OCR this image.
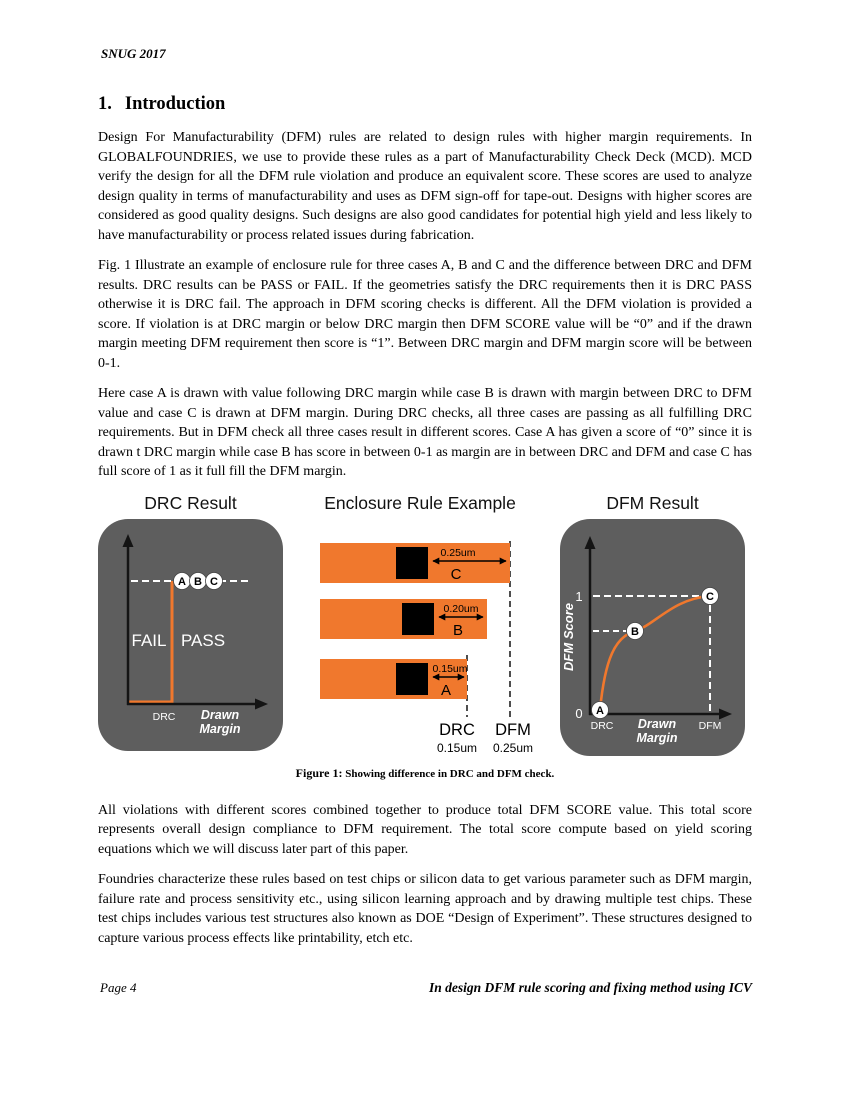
SNUG 2017
1. Introduction

Design For Manufacturability (DFM) rules are related to design rules with higher margin requirements. In GLOBALFOUNDRIES, we use to provide these rules as a part of Manufacturability Check Deck (MCD). MCD verify the design for all the DFM rule violation and produce an equivalent score. These scores are used to analyze design quality in terms of manufacturability and uses as DFM sign-off for tape-out. Designs with higher scores are considered as good quality designs. Such designs are also good candidates for potential high yield and less likely to have manufacturability or process related issues during fabrication.

Fig. 1 Illustrate an example of enclosure rule for three cases A, B and C and the difference between DRC and DFM results. DRC results can be PASS or FAIL. If the geometries satisfy the DRC requirements then it is DRC PASS otherwise it is DRC fail. The approach in DFM scoring checks is different. All the DFM violation is provided a score. If violation is at DRC margin or below DRC margin then DFM SCORE value will be “0” and if the drawn margin meeting DFM requirement then score is “1”. Between DRC margin and DFM margin score will be between 0-1.

Here case A is drawn with value following DRC margin while case B is drawn with margin between DRC to DFM value and case C is drawn at DFM margin. During DRC checks, all three cases are passing as all fulfilling DRC requirements. But in DFM check all three cases result in different scores. Case A has given a score of “0” since it is drawn t DRC margin while case B has score in between 0-1 as margin are in between DRC and DFM and case C has full score of 1 as it full fill the DFM margin.

DRC Result
A B C
FAIL PASS
DRC Drawn
Margin
Enclosure Rule Example
0.25um
C
0.20um
B
0.15um
A
DRC
0.15um
DFM
0.25um
DFM Result
DFM Score
1
0 A
B
C
DRC Drawn
Margin
DFM
Figure 1: Showing difference in DRC and DFM check.

All violations with different scores combined together to produce total DFM SCORE value. This total score represents overall design compliance to DFM requirement. The total score compute based on yield scoring equations which we will discuss later part of this paper.

Foundries characterize these rules based on test chips or silicon data to get various parameter such as DFM margin, failure rate and process sensitivity etc., using silicon learning approach and by drawing multiple test chips. These test chips includes various test structures also known as DOE “Design of Experiment”. These structures designed to capture various process effects like printability, etch etc.

Page 4	In design DFM rule scoring and fixing method using ICV
